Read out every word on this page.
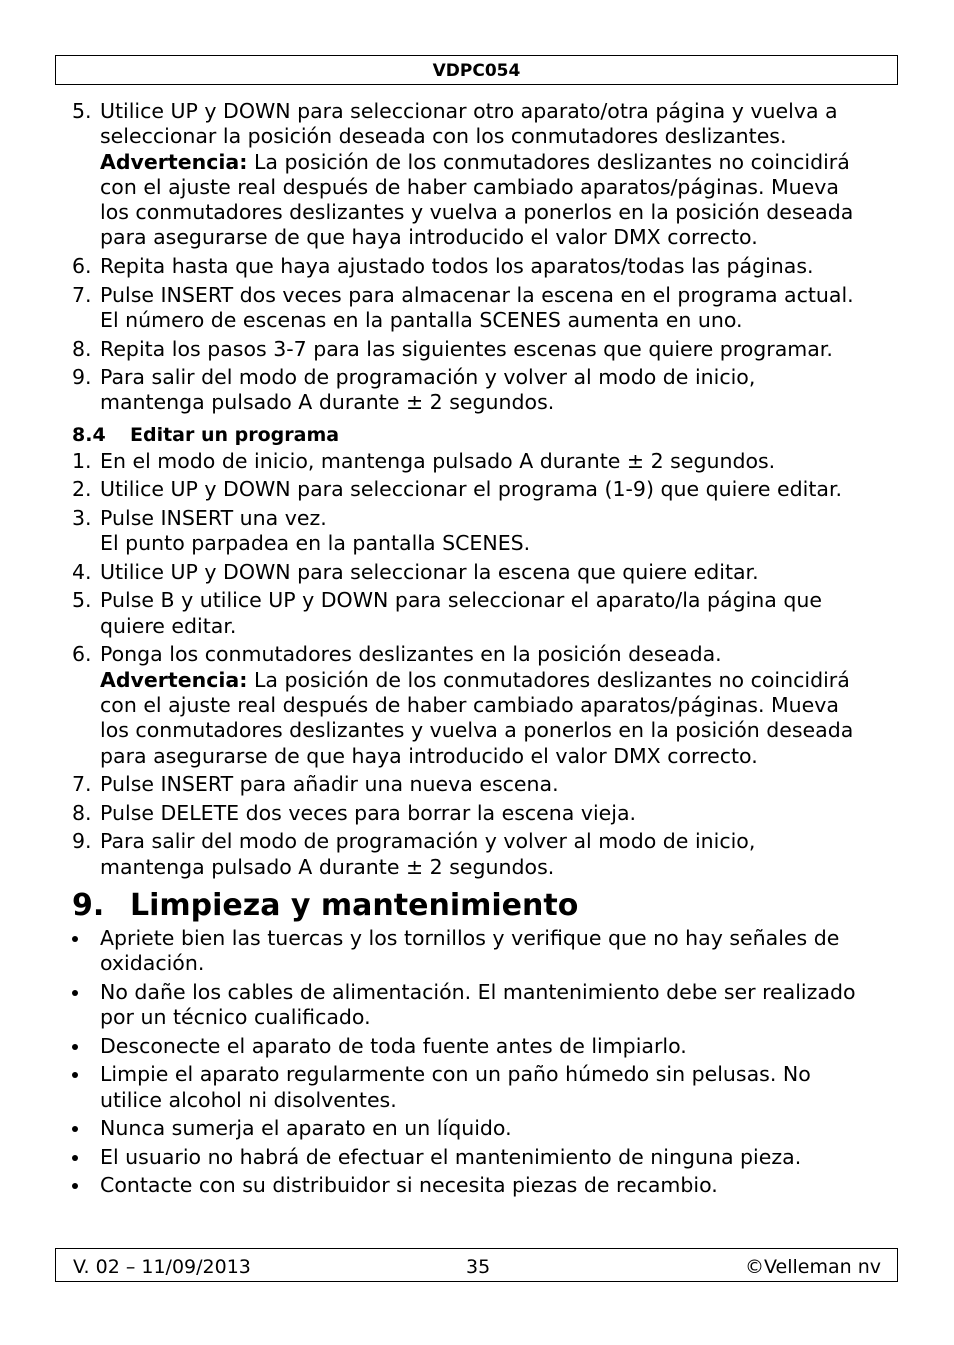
VDPC054
5. Utilice UP y DOWN para seleccionar otro aparato/otra página y vuelva a
seleccionar la posición deseada con los conmutadores deslizantes.
Advertencia: La posición de los conmutadores deslizantes no coincidirá
con el ajuste real después de haber cambiado aparatos/páginas. Mueva
los conmutadores deslizantes y vuelva a ponerlos en la posición deseada
para asegurarse de que haya introducido el valor DMX correcto.
6. Repita hasta que haya ajustado todos los aparatos/todas las páginas.
7. Pulse INSERT dos veces para almacenar la escena en el programa actual.
El número de escenas en la pantalla SCENES aumenta en uno.
8. Repita los pasos 3-7 para las siguientes escenas que quiere programar.
9. Para salir del modo de programación y volver al modo de inicio,
mantenga pulsado A durante ± 2 segundos.
8.4 Editar un programa
1. En el modo de inicio, mantenga pulsado A durante ± 2 segundos.
2. Utilice UP y DOWN para seleccionar el programa (1-9) que quiere editar.
3. Pulse INSERT una vez.
El punto parpadea en la pantalla SCENES.
4. Utilice UP y DOWN para seleccionar la escena que quiere editar.
5. Pulse B y utilice UP y DOWN para seleccionar el aparato/la página que
quiere editar.
6. Ponga los conmutadores deslizantes en la posición deseada.
Advertencia: La posición de los conmutadores deslizantes no coincidirá
con el ajuste real después de haber cambiado aparatos/páginas. Mueva
los conmutadores deslizantes y vuelva a ponerlos en la posición deseada
para asegurarse de que haya introducido el valor DMX correcto.
7. Pulse INSERT para añadir una nueva escena.
8. Pulse DELETE dos veces para borrar la escena vieja.
9. Para salir del modo de programación y volver al modo de inicio,
mantenga pulsado A durante ± 2 segundos.
9. Limpieza y mantenimiento
Apriete bien las tuercas y los tornillos y verifique que no hay señales de
oxidación.
No dañe los cables de alimentación. El mantenimiento debe ser realizado
por un técnico cualificado.
Desconecte el aparato de toda fuente antes de limpiarlo.
Limpie el aparato regularmente con un paño húmedo sin pelusas. No
utilice alcohol ni disolventes.
Nunca sumerja el aparato en un líquido.
El usuario no habrá de efectuar el mantenimiento de ninguna pieza.
Contacte con su distribuidor si necesita piezas de recambio.
V. 02 – 11/09/2013	35	©Velleman nv
